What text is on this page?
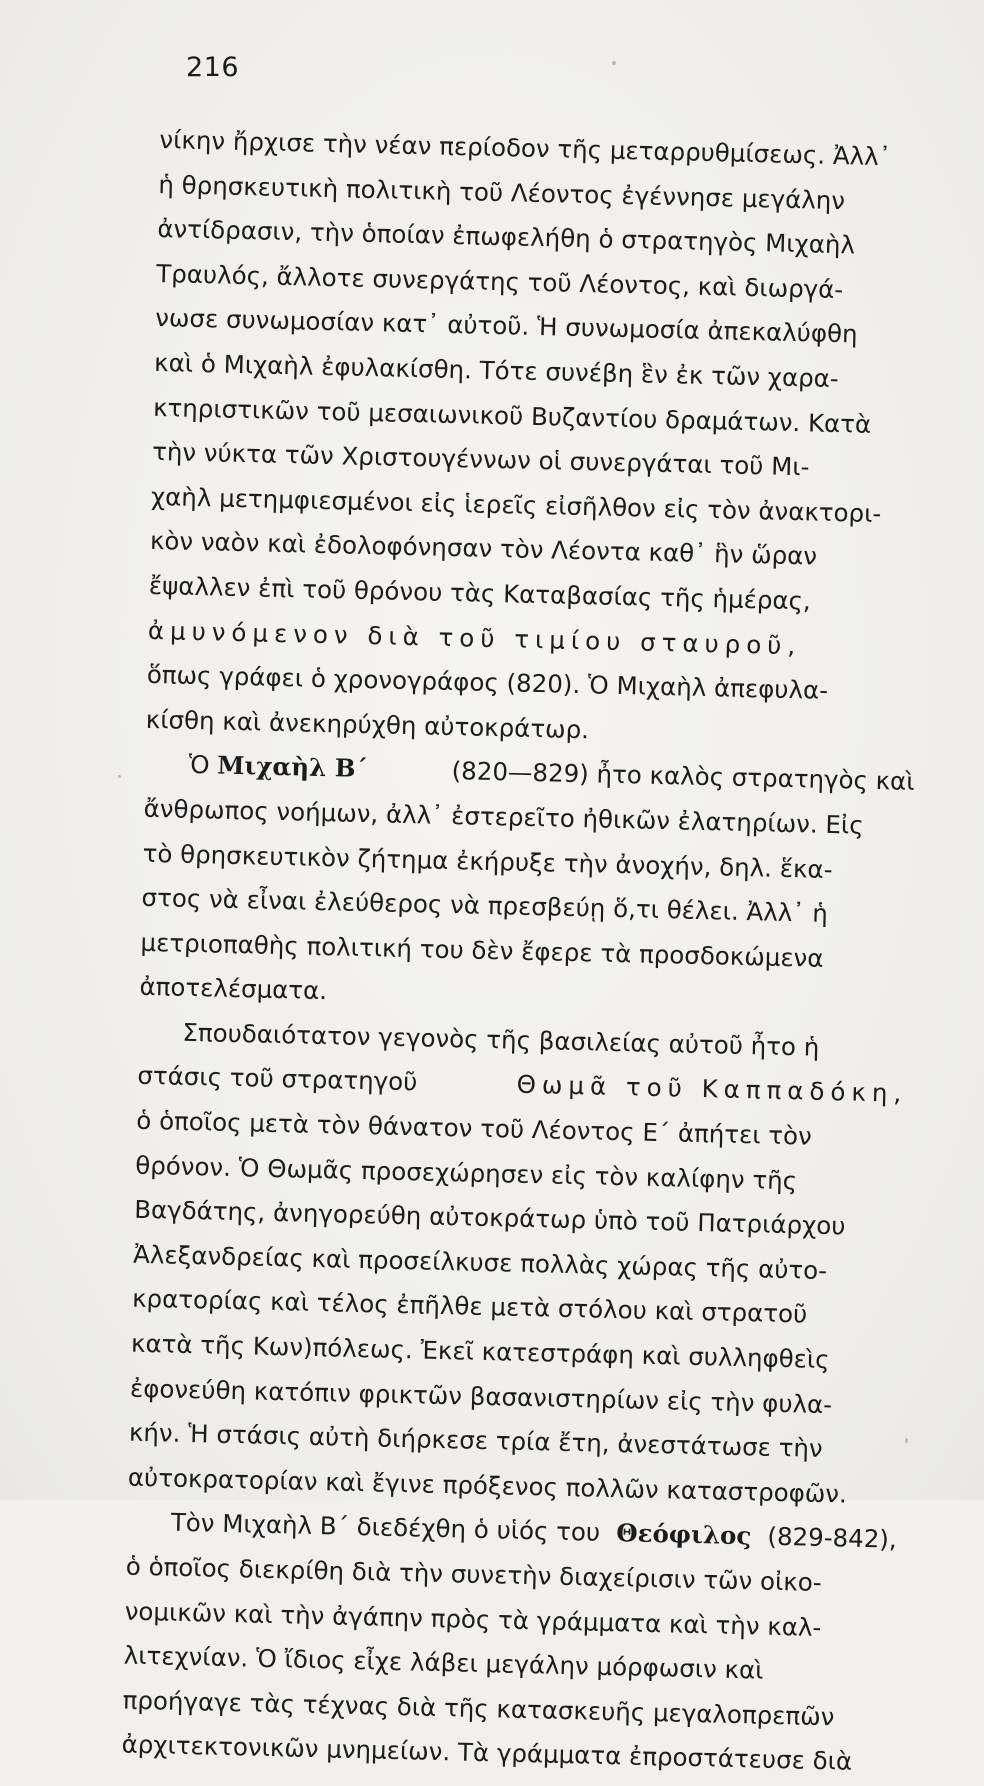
216
νίκην ἤρχισε τὴν νέαν περίοδον τῆς μεταρρυθμίσεως. Ἀλλ᾽
ἡ θρησκευτικὴ πολιτικὴ τοῦ Λέοντος ἐγέννησε μεγάλην
ἀντίδρασιν, τὴν ὁποίαν ἐπωφελήθη ὁ στρατηγὸς Μιχαὴλ
Τραυλός, ἄλλοτε συνεργάτης τοῦ Λέοντος, καὶ διωργά-
νωσε συνωμοσίαν κατ᾽ αὐτοῦ. Ἡ συνωμοσία ἀπεκαλύφθη
καὶ ὁ Μιχαὴλ ἐφυλακίσθη. Τότε συνέβη ἓν ἐκ τῶν χαρα-
κτηριστικῶν τοῦ μεσαιωνικοῦ Βυζαντίου δραμάτων. Κατὰ
τὴν νύκτα τῶν Χριστουγέννων οἱ συνεργάται τοῦ Μι-
χαὴλ μετημφιεσμένοι εἰς ἱερεῖς εἰσῆλθον εἰς τὸν ἀνακτορι-
κὸν ναὸν καὶ ἐδολοφόνησαν τὸν Λέοντα καθ᾽ ἣν ὥραν
ἔψαλλεν ἐπὶ τοῦ θρόνου τὰς Καταβασίας τῆς ἡμέρας,
ἀμυνόμενον διὰ τοῦ τιμίου σταυροῦ,
ὅπως γράφει ὁ χρονογράφος (820). Ὁ Μιχαὴλ ἀπεφυλα-
κίσθη καὶ ἀνεκηρύχθη αὐτοκράτωρ.
Ὁ Μιχαὴλ Β΄	(820—829) ἦτο καλὸς στρατηγὸς καὶ
ἄνθρωπος νοήμων, ἀλλ᾽ ἐστερεῖτο ἠθικῶν ἐλατηρίων. Εἰς
τὸ θρησκευτικὸν ζήτημα ἐκήρυξε τὴν ἀνοχήν, δηλ. ἕκα-
στος νὰ εἶναι ἐλεύθερος νὰ πρεσβεύῃ ὅ,τι θέλει. Ἀλλ᾽ ἡ
μετριοπαθὴς πολιτική του δὲν ἔφερε τὰ προσδοκώμενα
ἀποτελέσματα.
Σπουδαιότατον γεγονὸς τῆς βασιλείας αὐτοῦ ἦτο ἡ
στάσις τοῦ στρατηγοῦ	Θωμᾶ τοῦ Καππαδόκη,
ὁ ὁποῖος μετὰ τὸν θάνατον τοῦ Λέοντος Ε΄ ἀπήτει τὸν
θρόνον. Ὁ Θωμᾶς προσεχώρησεν εἰς τὸν καλίφην τῆς
Βαγδάτης, ἀνηγορεύθη αὐτοκράτωρ ὑπὸ τοῦ Πατριάρχου
Ἀλεξανδρείας καὶ προσείλκυσε πολλὰς χώρας τῆς αὐτο-
κρατορίας καὶ τέλος ἐπῆλθε μετὰ στόλου καὶ στρατοῦ
κατὰ τῆς Κων)πόλεως. Ἐκεῖ κατεστράφη καὶ συλληφθεὶς
ἐφονεύθη κατόπιν φρικτῶν βασανιστηρίων εἰς τὴν φυλα-
κήν. Ἡ στάσις αὐτὴ διήρκεσε τρία ἔτη, ἀνεστάτωσε τὴν
αὐτοκρατορίαν καὶ ἔγινε πρόξενος πολλῶν καταστροφῶν.
Τὸν Μιχαὴλ Β΄ διεδέχθη ὁ υἱός του Θεόφιλος (829-842),
ὁ ὁποῖος διεκρίθη διὰ τὴν συνετὴν διαχείρισιν τῶν οἰκο-
νομικῶν καὶ τὴν ἀγάπην πρὸς τὰ γράμματα καὶ τὴν καλ-
λιτεχνίαν. Ὁ ἴδιος εἶχε λάβει μεγάλην μόρφωσιν καὶ
προήγαγε τὰς τέχνας διὰ τῆς κατασκευῆς μεγαλοπρεπῶν
ἀρχιτεκτονικῶν μνημείων. Τὰ γράμματα ἐπροστάτευσε διὰ
